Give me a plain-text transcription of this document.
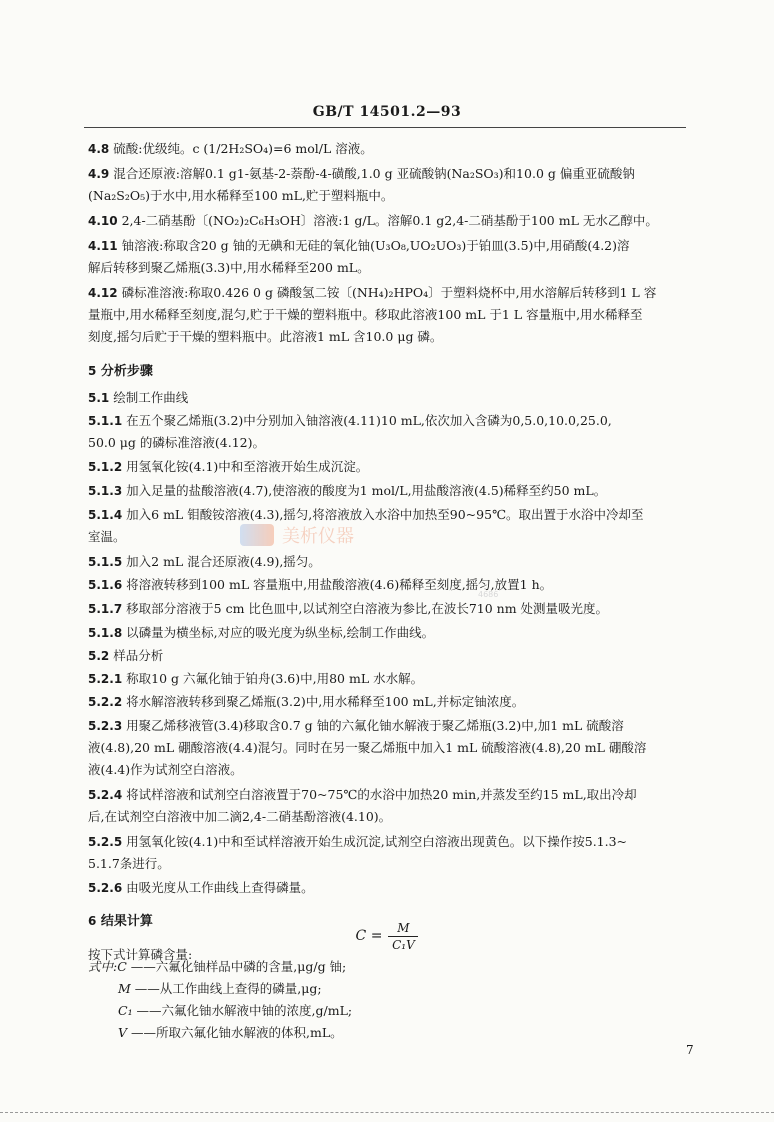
GB/T 14501.2—93
美析仪器
4686
4.8 硫酸:优级纯。c (1/2H₂SO₄)=6 mol/L 溶液。
4.9 混合还原液:溶解0.1 g1-氨基-2-萘酚-4-磺酸,1.0 g 亚硫酸钠(Na₂SO₃)和10.0 g 偏重亚硫酸钠
(Na₂S₂O₅)于水中,用水稀释至100 mL,贮于塑料瓶中。
4.10 2,4-二硝基酚〔(NO₂)₂C₆H₃OH〕溶液:1 g/L。溶解0.1 g2,4-二硝基酚于100 mL 无水乙醇中。
4.11 铀溶液:称取含20 g 铀的无碘和无硅的氧化铀(U₃O₈,UO₂UO₃)于铂皿(3.5)中,用硝酸(4.2)溶
解后转移到聚乙烯瓶(3.3)中,用水稀释至200 mL。
4.12 磷标准溶液:称取0.426 0 g 磷酸氢二铵〔(NH₄)₂HPO₄〕于塑料烧杯中,用水溶解后转移到1 L 容
量瓶中,用水稀释至刻度,混匀,贮于干燥的塑料瓶中。移取此溶液100 mL 于1 L 容量瓶中,用水稀释至
刻度,摇匀后贮于干燥的塑料瓶中。此溶液1 mL 含10.0 μg 磷。
5 分析步骤
5.1 绘制工作曲线
5.1.1 在五个聚乙烯瓶(3.2)中分别加入铀溶液(4.11)10 mL,依次加入含磷为0,5.0,10.0,25.0,
50.0 μg 的磷标准溶液(4.12)。
5.1.2 用氢氧化铵(4.1)中和至溶液开始生成沉淀。
5.1.3 加入足量的盐酸溶液(4.7),使溶液的酸度为1 mol/L,用盐酸溶液(4.5)稀释至约50 mL。
5.1.4 加入6 mL 钼酸铵溶液(4.3),摇匀,将溶液放入水浴中加热至90~95℃。取出置于水浴中冷却至
室温。
5.1.5 加入2 mL 混合还原液(4.9),摇匀。
5.1.6 将溶液转移到100 mL 容量瓶中,用盐酸溶液(4.6)稀释至刻度,摇匀,放置1 h。
5.1.7 移取部分溶液于5 cm 比色皿中,以试剂空白溶液为参比,在波长710 nm 处测量吸光度。
5.1.8 以磷量为横坐标,对应的吸光度为纵坐标,绘制工作曲线。
5.2 样品分析
5.2.1 称取10 g 六氟化铀于铂舟(3.6)中,用80 mL 水水解。
5.2.2 将水解溶液转移到聚乙烯瓶(3.2)中,用水稀释至100 mL,并标定铀浓度。
5.2.3 用聚乙烯移液管(3.4)移取含0.7 g 铀的六氟化铀水解液于聚乙烯瓶(3.2)中,加1 mL 硫酸溶
液(4.8),20 mL 硼酸溶液(4.4)混匀。同时在另一聚乙烯瓶中加入1 mL 硫酸溶液(4.8),20 mL 硼酸溶
液(4.4)作为试剂空白溶液。
5.2.4 将试样溶液和试剂空白溶液置于70~75℃的水浴中加热20 min,并蒸发至约15 mL,取出冷却
后,在试剂空白溶液中加二滴2,4-二硝基酚溶液(4.10)。
5.2.5 用氢氧化铵(4.1)中和至试样溶液开始生成沉淀,试剂空白溶液出现黄色。以下操作按5.1.3~
5.1.7条进行。
5.2.6 由吸光度从工作曲线上查得磷量。
6 结果计算
按下式计算磷含量:
$C = \frac{M}{\text{C₁V}}$
式中:C ——六氟化铀样品中磷的含量,μg/g 铀;
M ——从工作曲线上查得的磷量,μg;
C₁ ——六氟化铀水解液中铀的浓度,g/mL;
V ——所取六氟化铀水解液的体积,mL。
7
